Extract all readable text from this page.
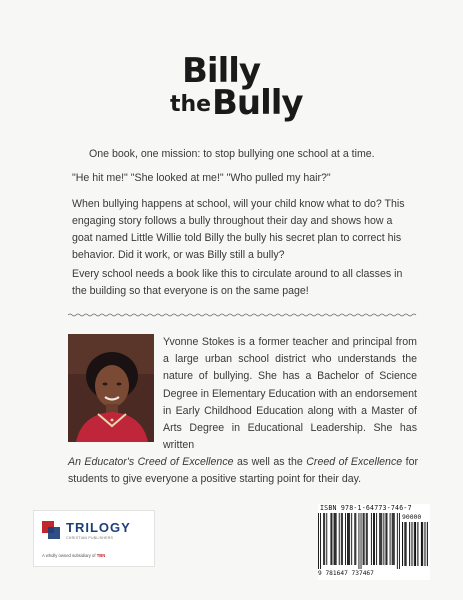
Billy
the Bully
One book, one mission: to stop bullying one school at a time.
"He hit me!" "She looked at me!" "Who pulled my hair?"
When bullying happens at school, will your child know what to do? This engaging story follows a bully throughout their day and shows how a goat named Little Willie told Billy the bully his secret plan to correct his behavior. Did it work, or was Billy still a bully?
Every school needs a book like this to circulate around to all classes in the building so that everyone is on the same page!
Yvonne Stokes is a former teacher and principal from a large urban school district who understands the nature of bullying. She has a Bachelor of Science Degree in Elementary Education with an endorsement in Early Childhood Education along with a Master of Arts Degree in Educational Leadership. She has written
An Educator's Creed of Excellence as well as the Creed of Excellence for students to give everyone a positive starting point for their day.
TRILOGY
CHRISTIAN PUBLISHERS
A wholly owned subsidiary of TBN
ISBN 978-1-64773-746-7
90000
9 781647 737467
